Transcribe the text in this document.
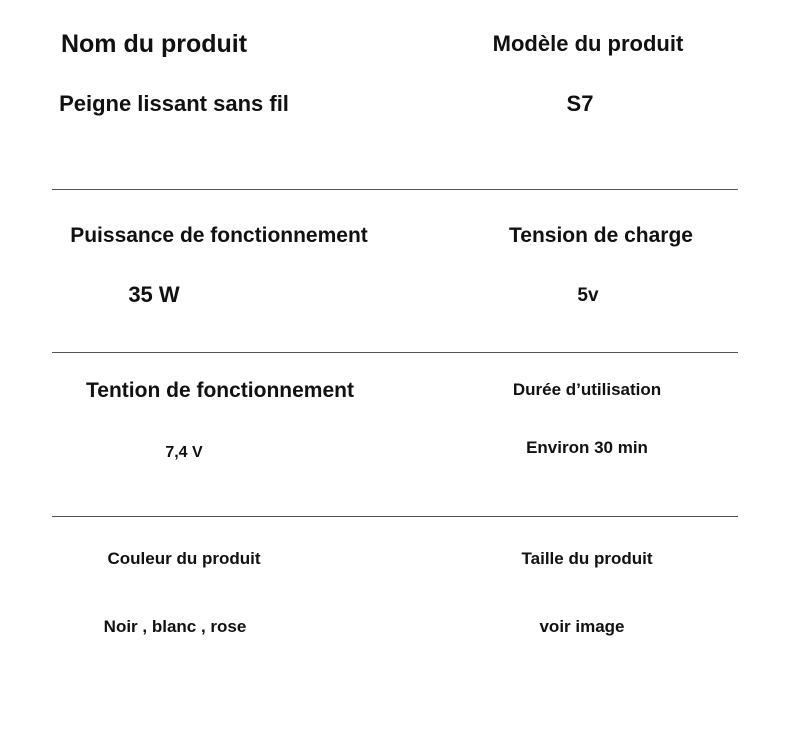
Nom du produit
Peigne lissant sans fil
Modèle du produit
S7
Puissance de fonctionnement
35 W
Tension de charge
5v
Tention de fonctionnement
7,4 V
Durée d’utilisation
Environ 30 min
Couleur du produit
Noir , blanc , rose
Taille du produit
voir image
